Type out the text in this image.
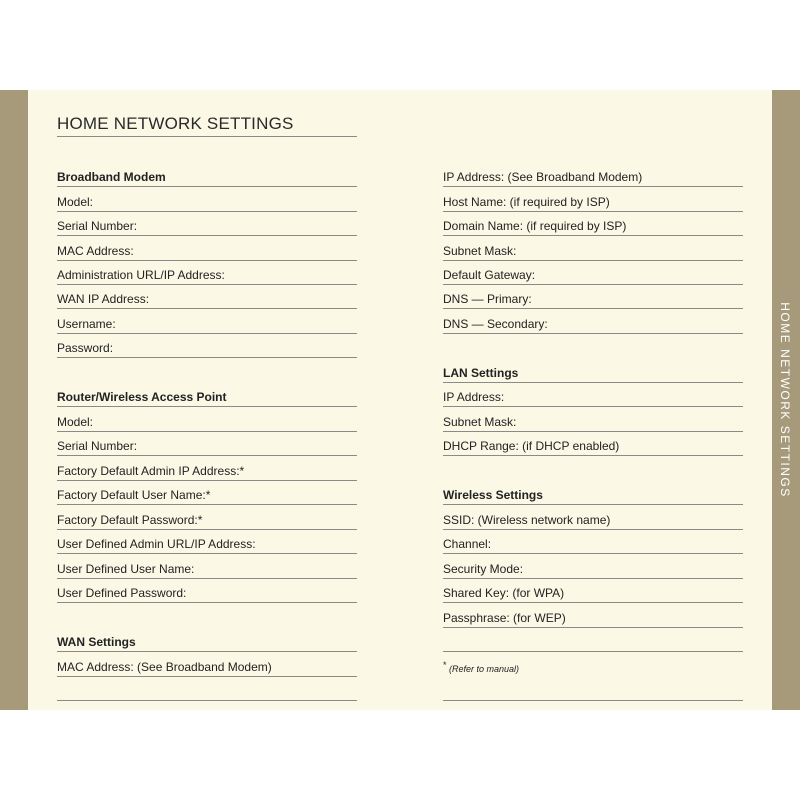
HOME NETWORK SETTINGS
HOME NETWORK SETTINGS
Broadband Modem
Model:
Serial Number:
MAC Address:
Administration URL/IP Address:
WAN IP Address:
Username:
Password:
Router/Wireless Access Point
Model:
Serial Number:
Factory Default Admin IP Address:*
Factory Default User Name:*
Factory Default Password:*
User Defined Admin URL/IP Address:
User Defined User Name:
User Defined Password:
WAN Settings
MAC Address: (See Broadband Modem)
IP Address: (See Broadband Modem)
Host Name: (if required by ISP)
Domain Name: (if required by ISP)
Subnet Mask:
Default Gateway:
DNS — Primary:
DNS — Secondary:
LAN Settings
IP Address:
Subnet Mask:
DHCP Range: (if DHCP enabled)
Wireless Settings
SSID: (Wireless network name)
Channel:
Security Mode:
Shared Key: (for WPA)
Passphrase: (for WEP)
* (Refer to manual)
